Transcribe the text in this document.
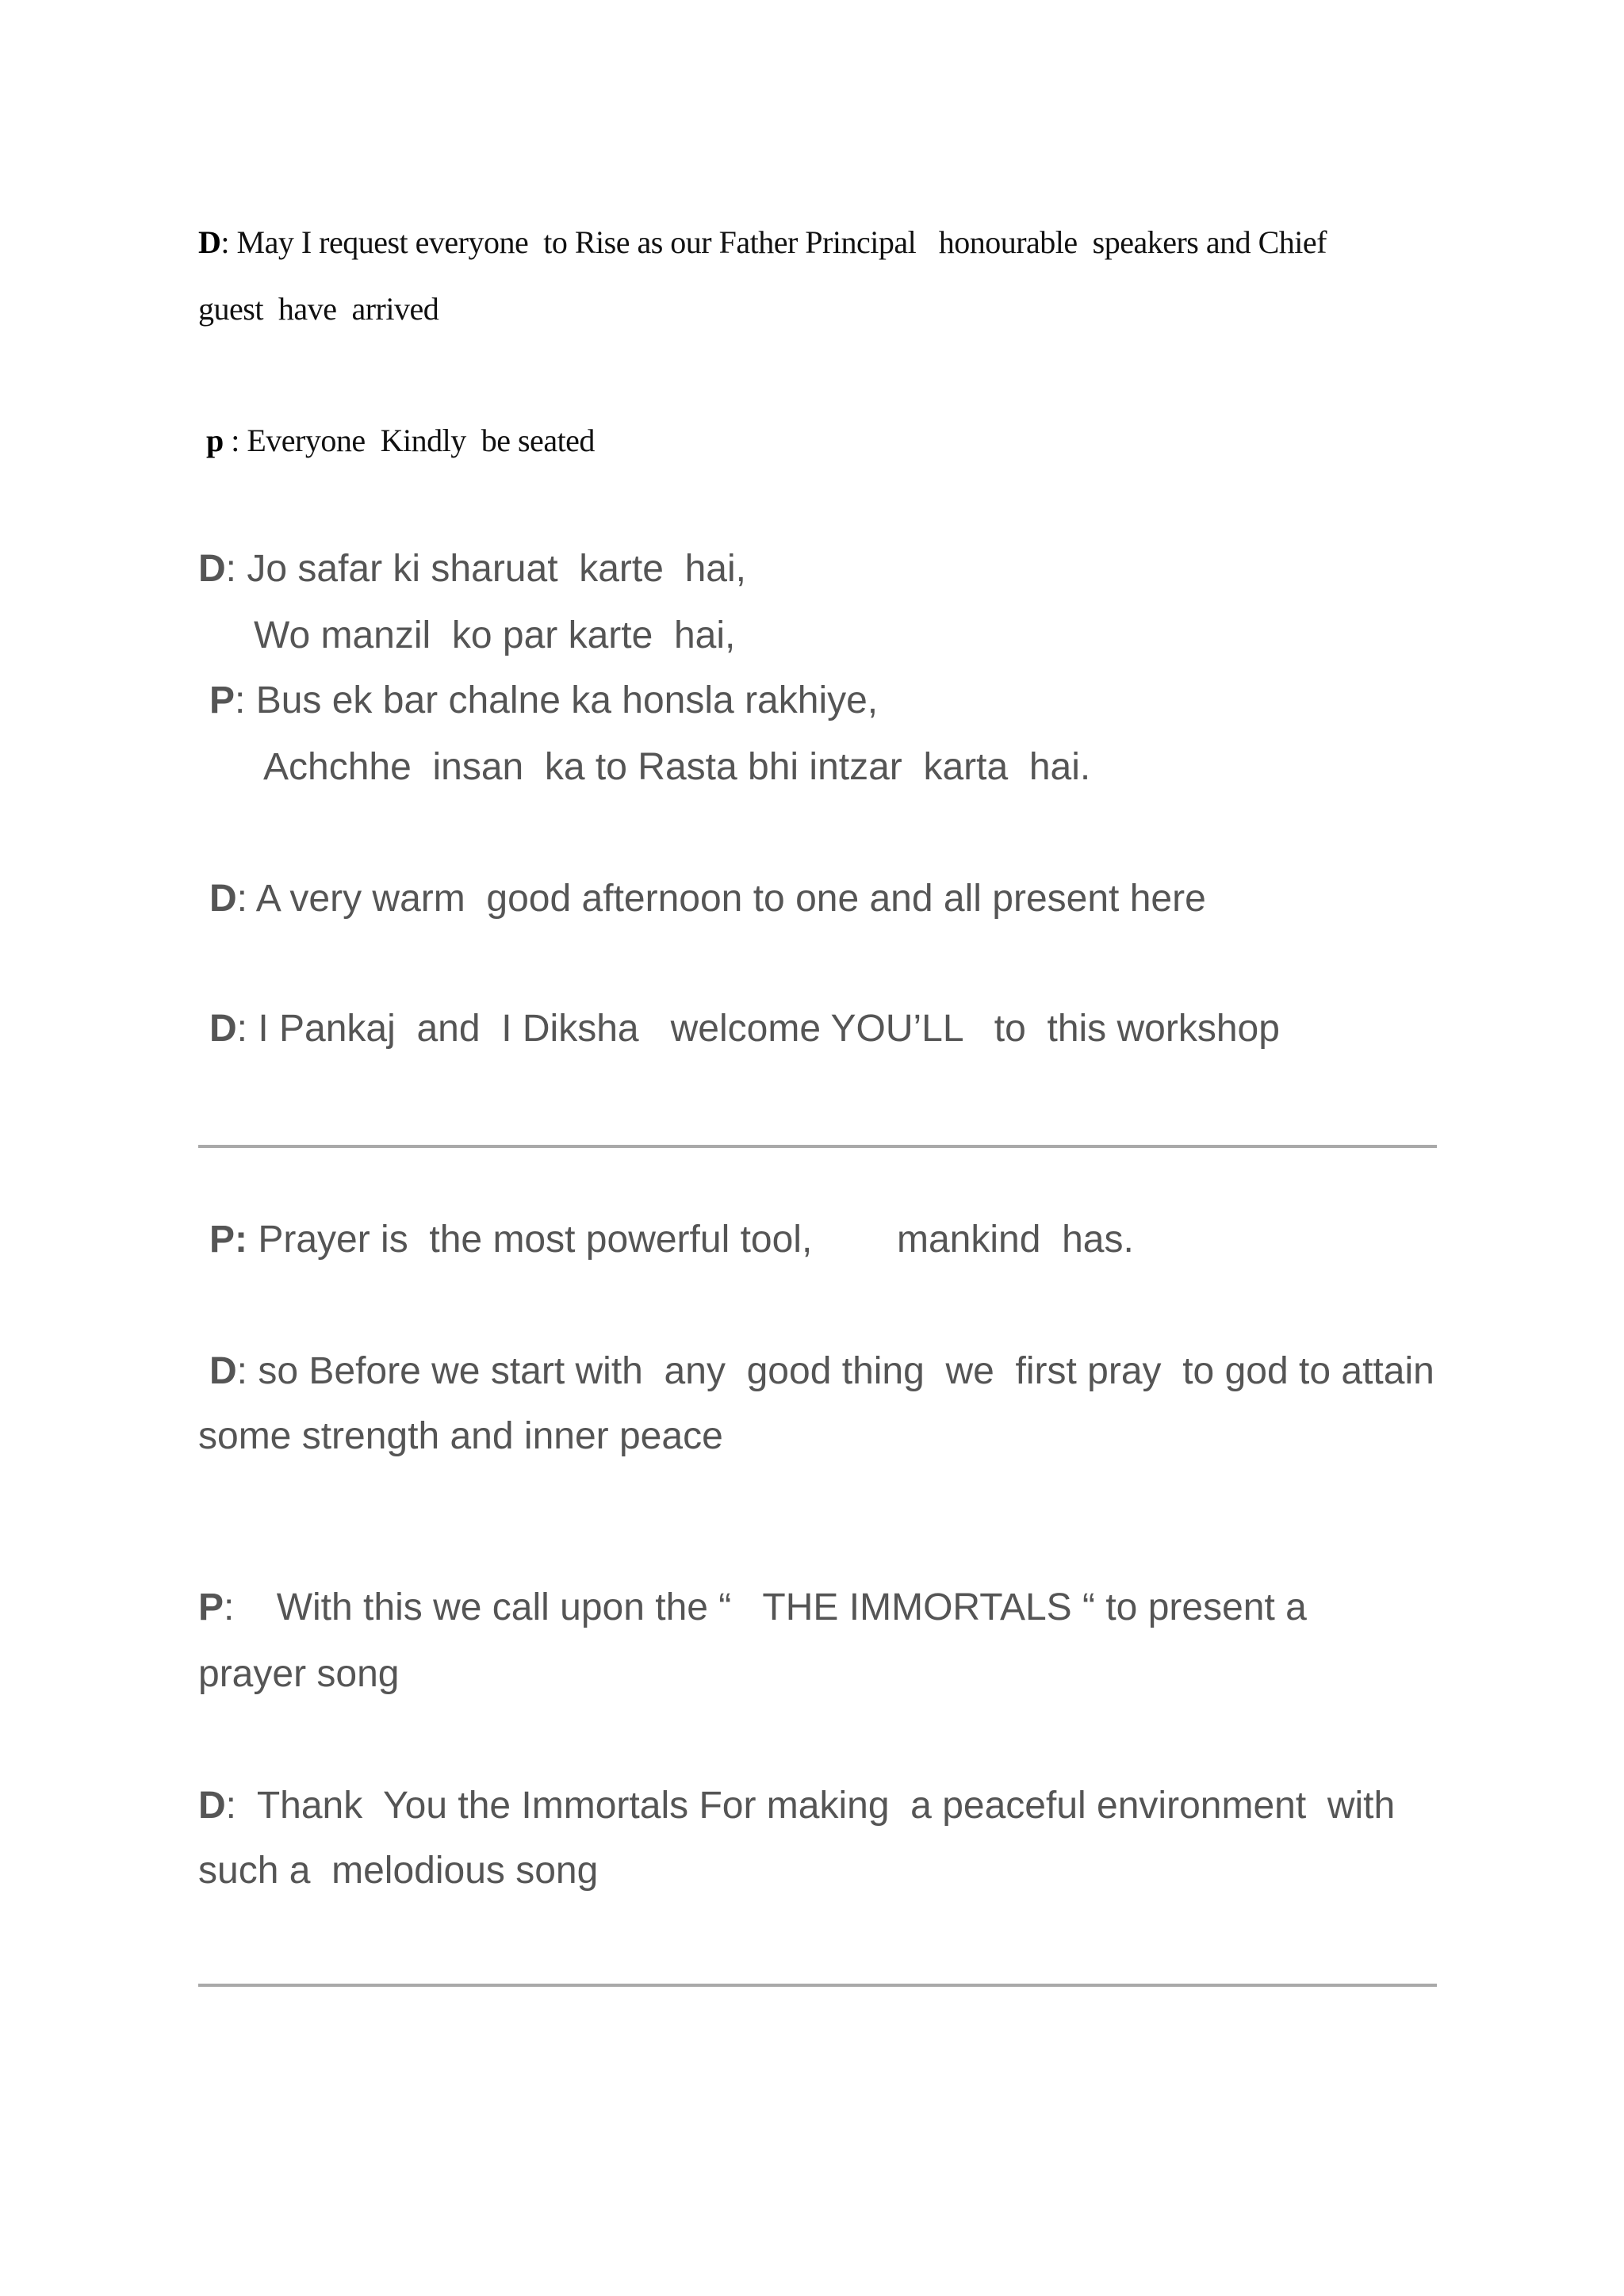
D: May I request everyone  to Rise as our Father Principal   honourable  speakers and Chief

guest  have  arrived

p : Everyone  Kindly  be seated

D: Jo safar ki sharuat  karte  hai,

Wo manzil  ko par karte  hai,

P: Bus ek bar chalne ka honsla rakhiye,

Achchhe  insan  ka to Rasta bhi intzar  karta  hai.

D: A very warm  good afternoon to one and all present here

D: I Pankaj  and  I Diksha   welcome YOU’LL   to  this workshop

P: Prayer is  the most powerful tool,        mankind  has.

D: so Before we start with  any  good thing  we  first pray  to god to attain

some strength and inner peace

P:    With this we call upon the “   THE IMMORTALS “ to present a

prayer song

D:  Thank  You the Immortals For making  a peaceful environment  with

such a  melodious song
